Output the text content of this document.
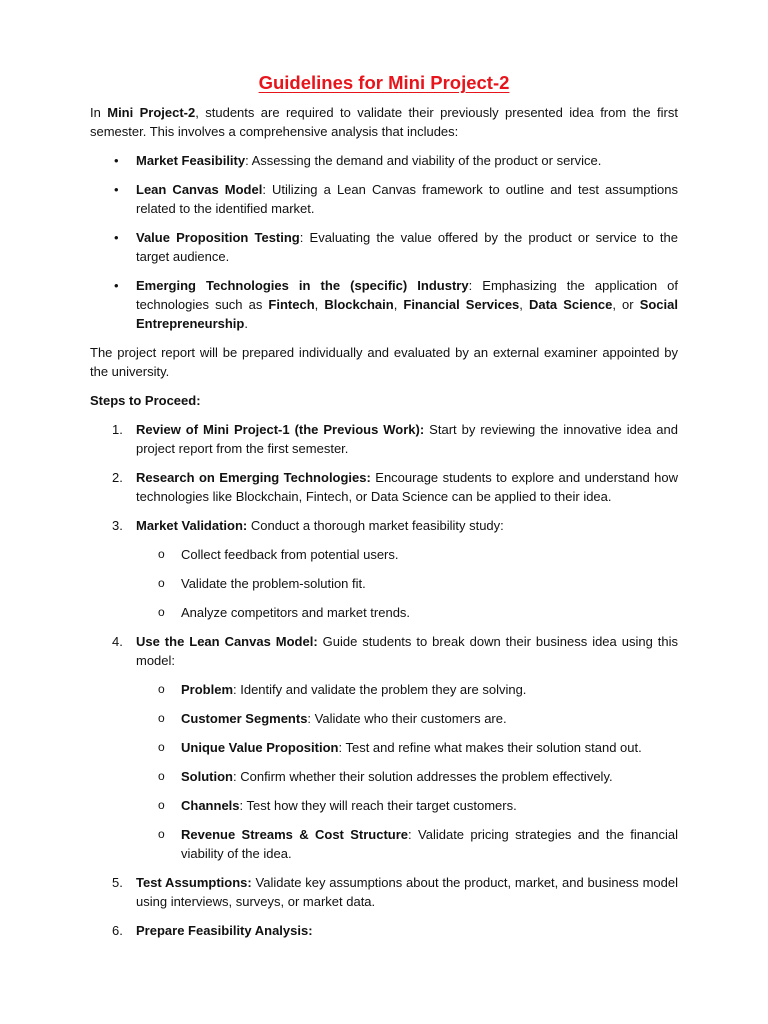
Guidelines for Mini Project-2

In Mini Project-2, students are required to validate their previously presented idea from the first semester. This involves a comprehensive analysis that includes:

• Market Feasibility: Assessing the demand and viability of the product or service.
• Lean Canvas Model: Utilizing a Lean Canvas framework to outline and test assumptions related to the identified market.
• Value Proposition Testing: Evaluating the value offered by the product or service to the target audience.
• Emerging Technologies in the (specific) Industry: Emphasizing the application of technologies such as Fintech, Blockchain, Financial Services, Data Science, or Social Entrepreneurship.

The project report will be prepared individually and evaluated by an external examiner appointed by the university.

Steps to Proceed:

1. Review of Mini Project-1 (the Previous Work): Start by reviewing the innovative idea and project report from the first semester.
2. Research on Emerging Technologies: Encourage students to explore and understand how technologies like Blockchain, Fintech, or Data Science can be applied to their idea.
3. Market Validation: Conduct a thorough market feasibility study:
o Collect feedback from potential users.
o Validate the problem-solution fit.
o Analyze competitors and market trends.
4. Use the Lean Canvas Model: Guide students to break down their business idea using this model:
o Problem: Identify and validate the problem they are solving.
o Customer Segments: Validate who their customers are.
o Unique Value Proposition: Test and refine what makes their solution stand out.
o Solution: Confirm whether their solution addresses the problem effectively.
o Channels: Test how they will reach their target customers.
o Revenue Streams & Cost Structure: Validate pricing strategies and the financial viability of the idea.
5. Test Assumptions: Validate key assumptions about the product, market, and business model using interviews, surveys, or market data.
6. Prepare Feasibility Analysis:
